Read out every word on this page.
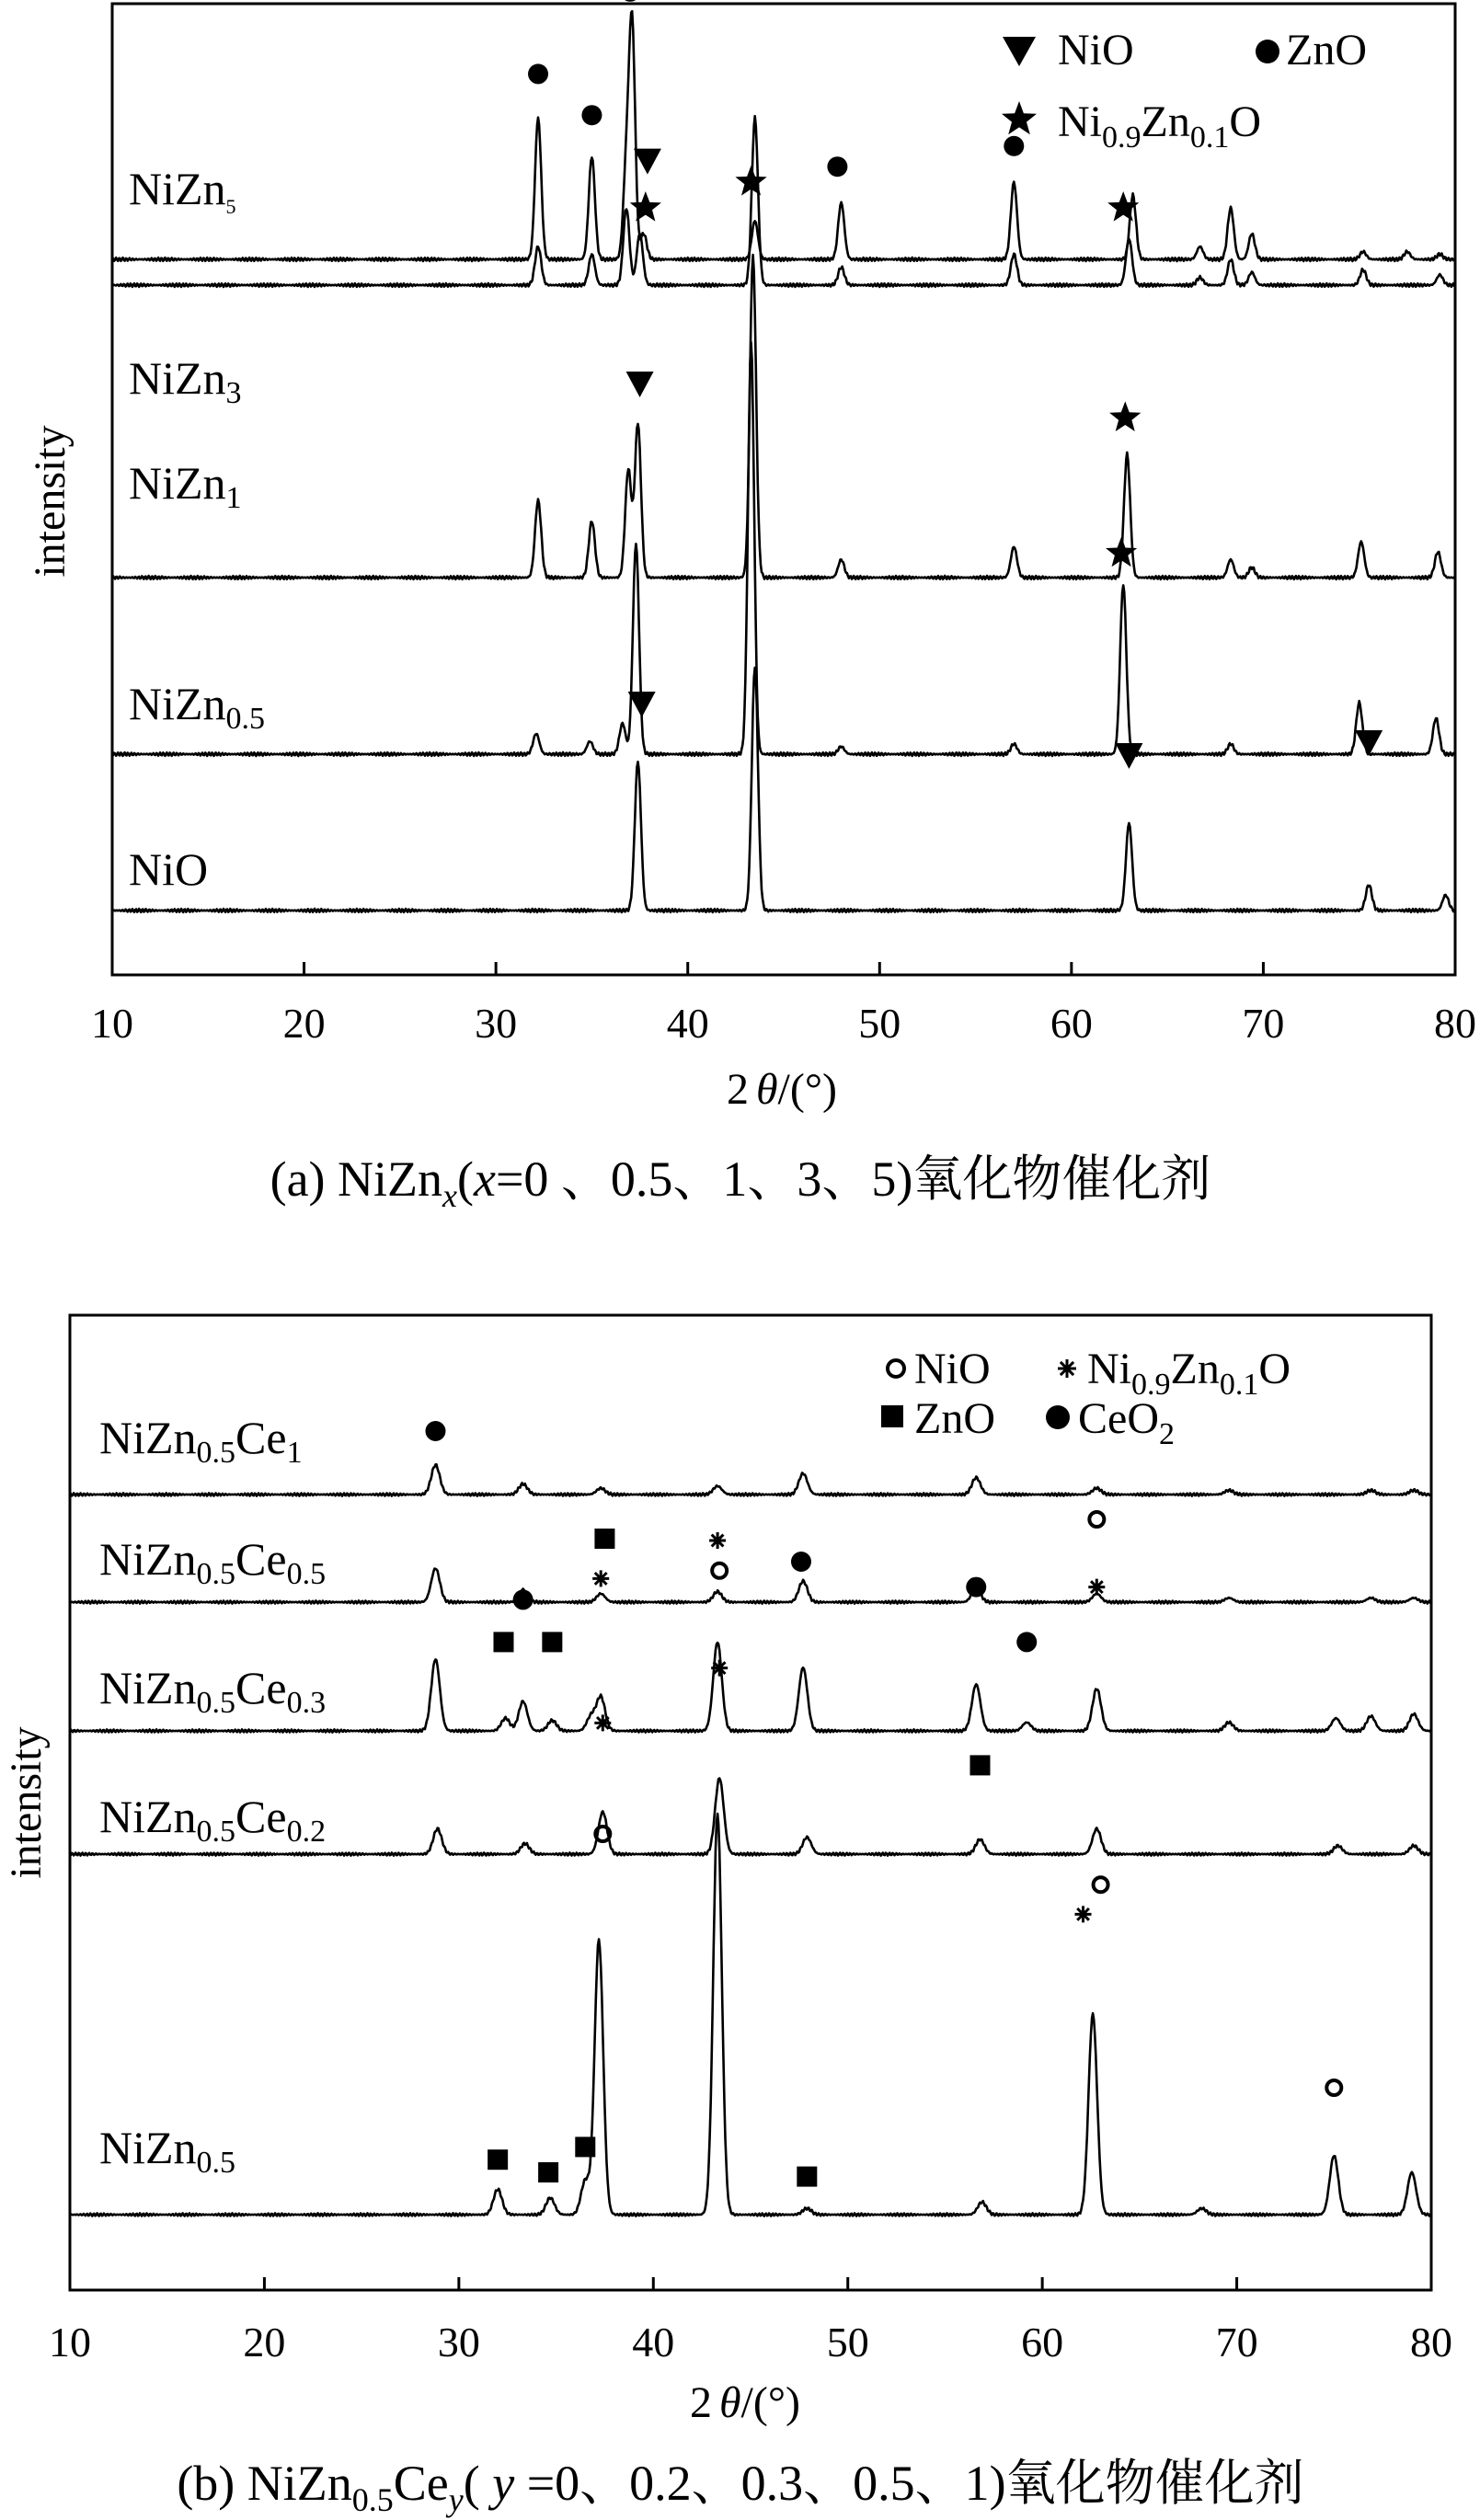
10	20	30	40	50	60	70	80
NiZn$_5$
NiZn$_3$
NiZn$_1$
NiZn$_{0.5}$
NiO
NiO	ZnO
$Ni_{0.9}Zn_{0.1}O$
intensity
2 θ/(°)
(a) NiZn$_x$(x=0 、0.5、1、3、5)氧化物催化剂
10	20	30	40	50	60	70	80
$NiZn_{0.5}Ce_1$
$NiZn_{0.5}Ce_{0.5}$
$NiZn_{0.5}Ce_{0.3}$
$NiZn_{0.5}Ce_{0.2}$
NiZn$_{0.5}$
NiO $Ni_{0.9}Zn_{0.1}O$
ZnO CeO$_2$
intensity
2 θ/(°)
(b) $NiZn_{0.5}Ce_y$( y =0、0.2、0.3、0.5、1)氧化物催化剂
